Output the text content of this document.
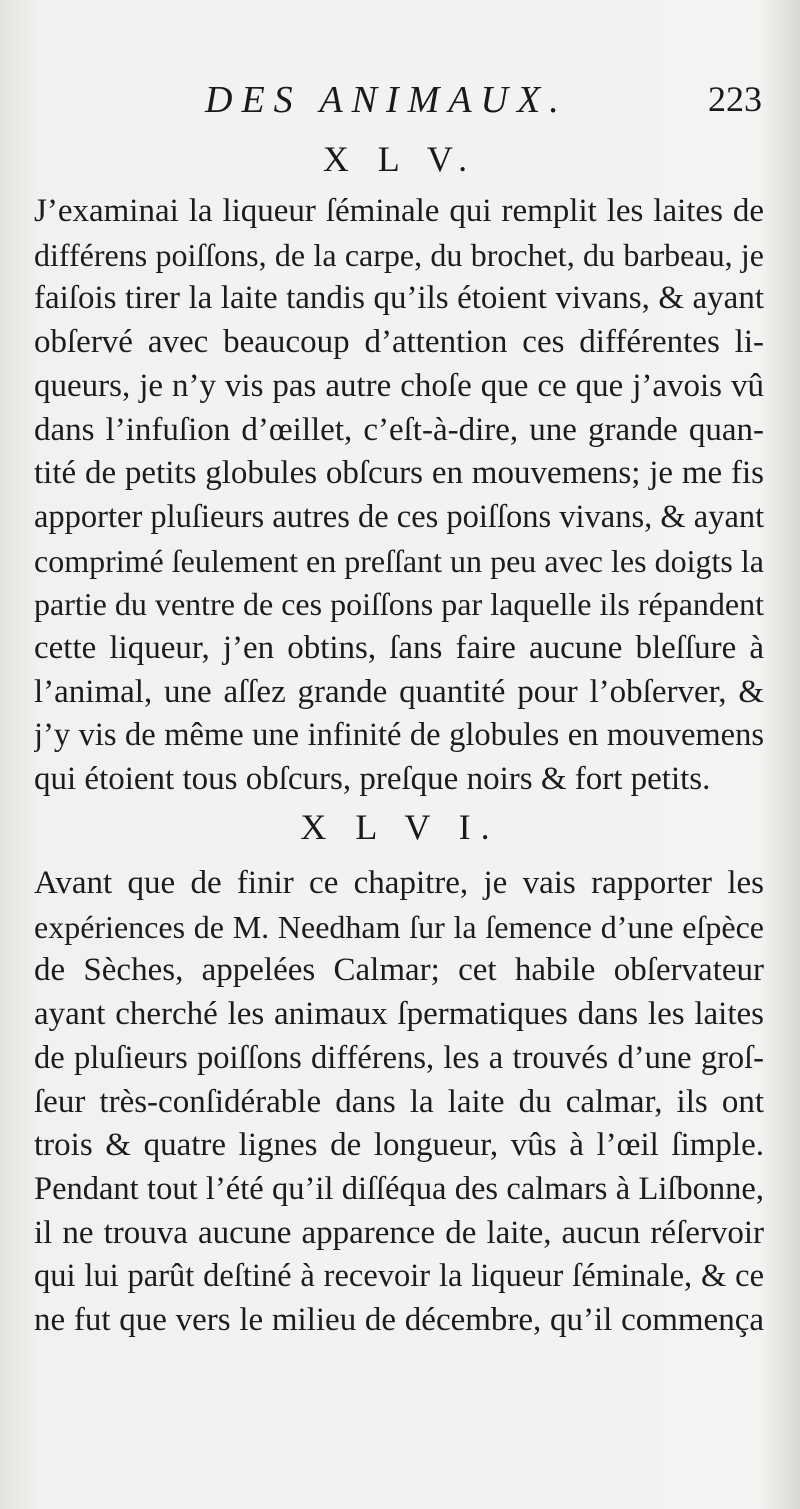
DES ANIMAUX.	223
X L V.

J’examinai la liqueur ſéminale qui remplit les laites de
différens poiſſons, de la carpe, du brochet, du barbeau, je
faiſois tirer la laite tandis qu’ils étoient vivans, & ayant
obſervé avec beaucoup d’attention ces différentes li-
queurs, je n’y vis pas autre choſe que ce que j’avois vû
dans l’infuſion d’œillet, c’eſt-à-dire, une grande quan-
tité de petits globules obſcurs en mouvemens; je me fis
apporter pluſieurs autres de ces poiſſons vivans, & ayant
comprimé ſeulement en preſſant un peu avec les doigts la
partie du ventre de ces poiſſons par laquelle ils répandent
cette liqueur, j’en obtins, ſans faire aucune bleſſure à
l’animal, une aſſez grande quantité pour l’obſerver, &
j’y vis de même une infinité de globules en mouvemens
qui étoient tous obſcurs, preſque noirs & fort petits.

X L V I.

Avant que de finir ce chapitre, je vais rapporter les
expériences de M. Needham ſur la ſemence d’une eſpèce
de Sèches, appelées Calmar; cet habile obſervateur
ayant cherché les animaux ſpermatiques dans les laites
de pluſieurs poiſſons différens, les a trouvés d’une groſ-
ſeur très-conſidérable dans la laite du calmar, ils ont
trois & quatre lignes de longueur, vûs à l’œil ſimple.
Pendant tout l’été qu’il diſſéqua des calmars à Liſbonne,
il ne trouva aucune apparence de laite, aucun réſervoir
qui lui parût deſtiné à recevoir la liqueur ſéminale, & ce
ne fut que vers le milieu de décembre, qu’il commença
